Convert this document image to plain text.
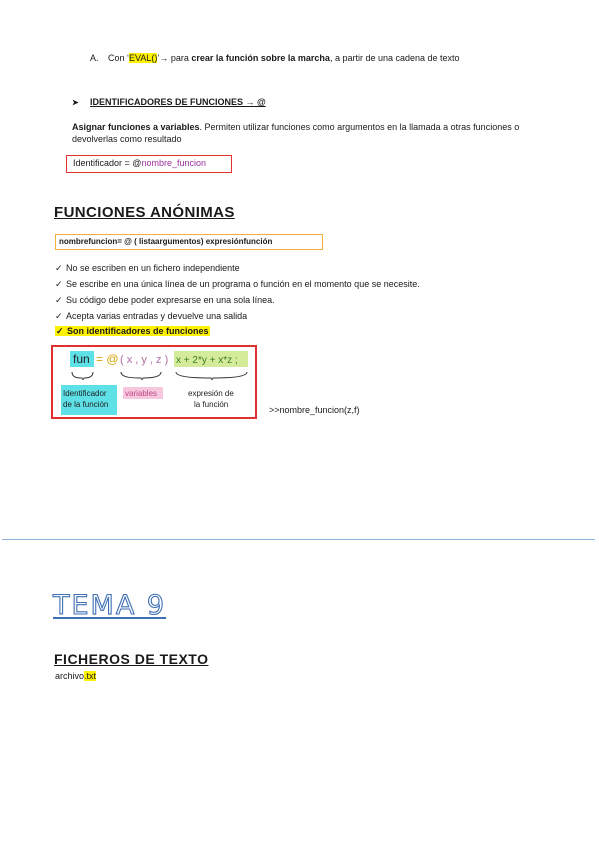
A. Con ‘EVAL()’→ para crear la función sobre la marcha, a partir de una cadena de texto
➤ IDENTIFICADORES DE FUNCIONES → @
Asignar funciones a variables. Permiten utilizar funciones como argumentos en la llamada a otras funciones o devolverlas como resultado
Identificador = @nombre_funcion
FUNCIONES ANÓNIMAS
nombrefuncion= @ ( listaargumentos) expresiónfunción
✓ No se escriben en un fichero independiente
✓ Se escribe en una única línea de un programa o función en el momento que se necesite.
✓ Su código debe poder expresarse en una sola línea.
✓ Acepta varias entradas y devuelve una salida
✓ Son identificadores de funciones
fun = @ ( x , y , z ) x + 2*y + x*z ;
Identificador
de la función
variables	expresión de
la función
>>nombre_funcion(z,f)
TEMA 9
FICHEROS DE TEXTO
archivo.txt
